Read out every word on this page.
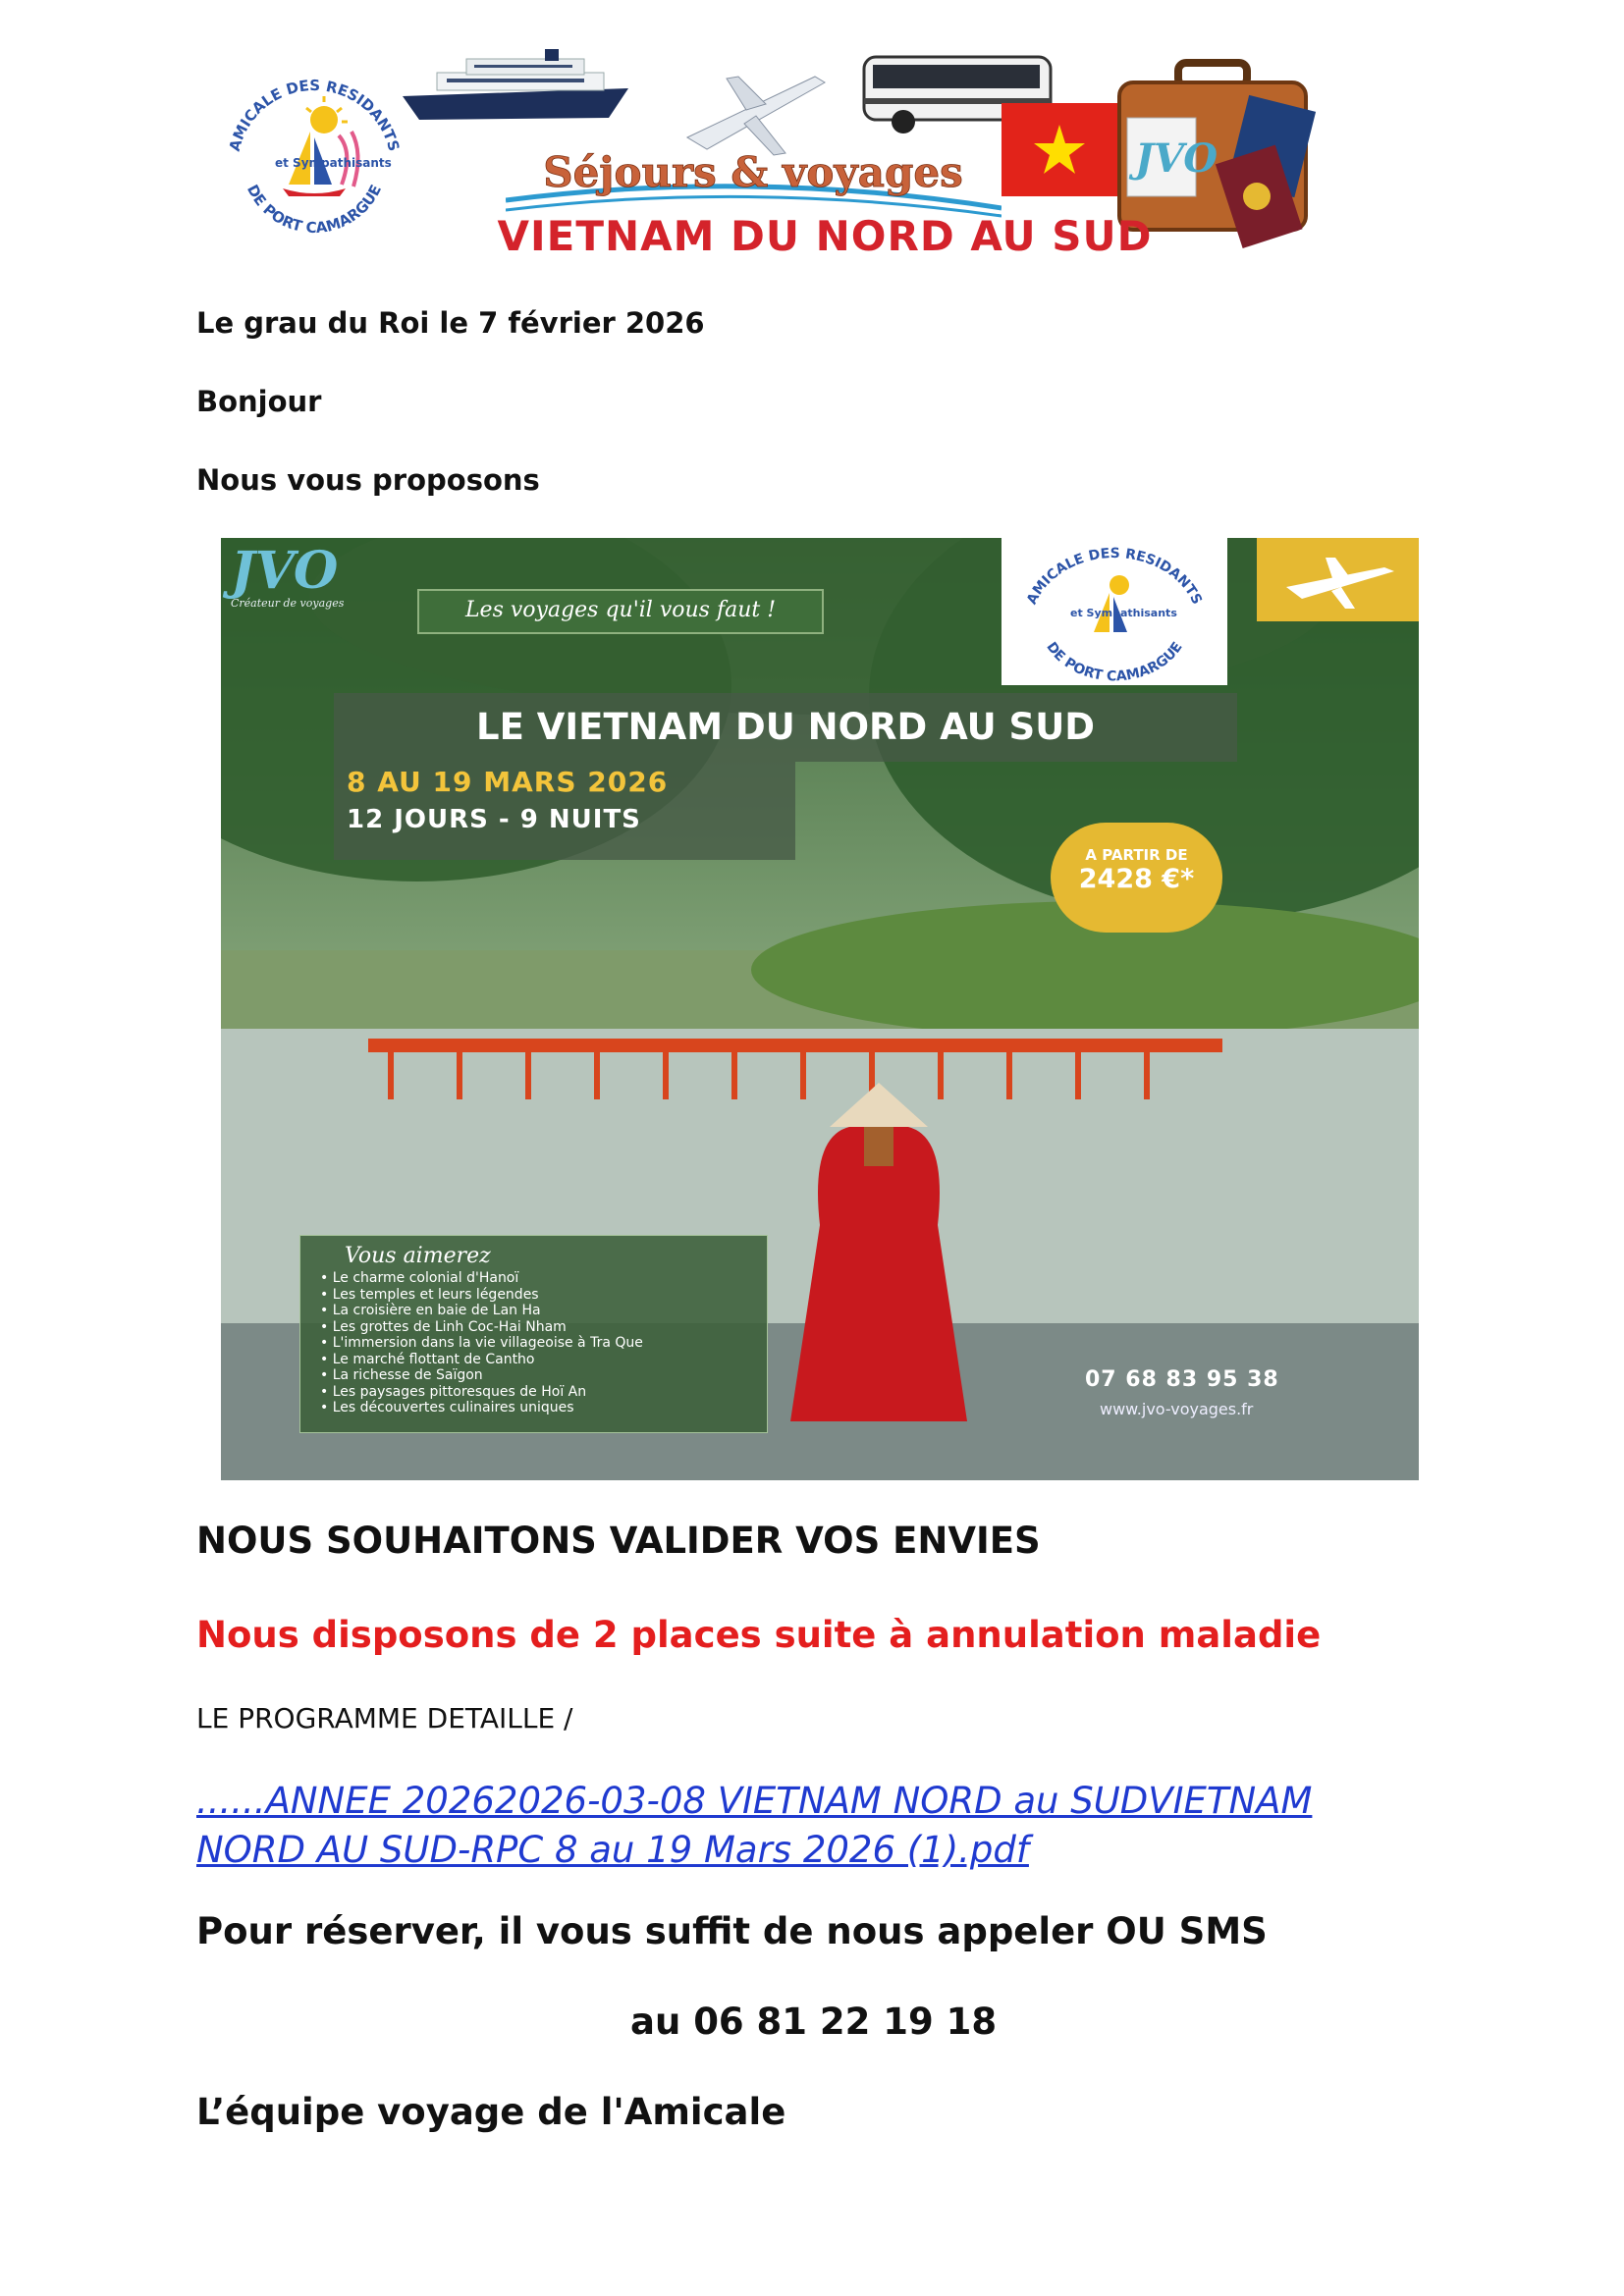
AMICALE DES RESIDANTS
DE PORT CAMARGUE
et Sympathisants	JVO
Séjours & voyages
VIETNAM DU NORD AU SUD
Le grau du Roi le 7 février 2026
Bonjour
Nous vous proposons
JVO
Créateur de voyages	Les voyages qu'il vous faut !	AMICALE DES RESIDANTS
DE PORT CAMARGUE
et Sympathisants
LE VIETNAM DU NORD AU SUD
8 AU 19 MARS 2026
12 JOURS - 9 NUITS
A PARTIR DE
2428 €*
Vous aimerez
• Le charme colonial d'Hanoï
• Les temples et leurs légendes
• La croisière en baie de Lan Ha
• Les grottes de Linh Coc-Hai Nham
• L'immersion dans la vie villageoise à Tra Que
• Le marché flottant de Cantho
• La richesse de Saïgon
• Les paysages pittoresques de Hoï An
• Les découvertes culinaires uniques
07 68 83 95 38
www.jvo-voyages.fr
NOUS SOUHAITONS VALIDER VOS ENVIES
Nous disposons de 2 places suite à annulation maladie
LE PROGRAMME DETAILLE /
......ANNEE 20262026-03-08 VIETNAM NORD au SUDVIETNAM NORD AU SUD-RPC 8 au 19 Mars 2026 (1).pdf
Pour réserver, il vous suffit de nous appeler OU SMS
au 06 81 22 19 18
L’équipe voyage de l'Amicale
